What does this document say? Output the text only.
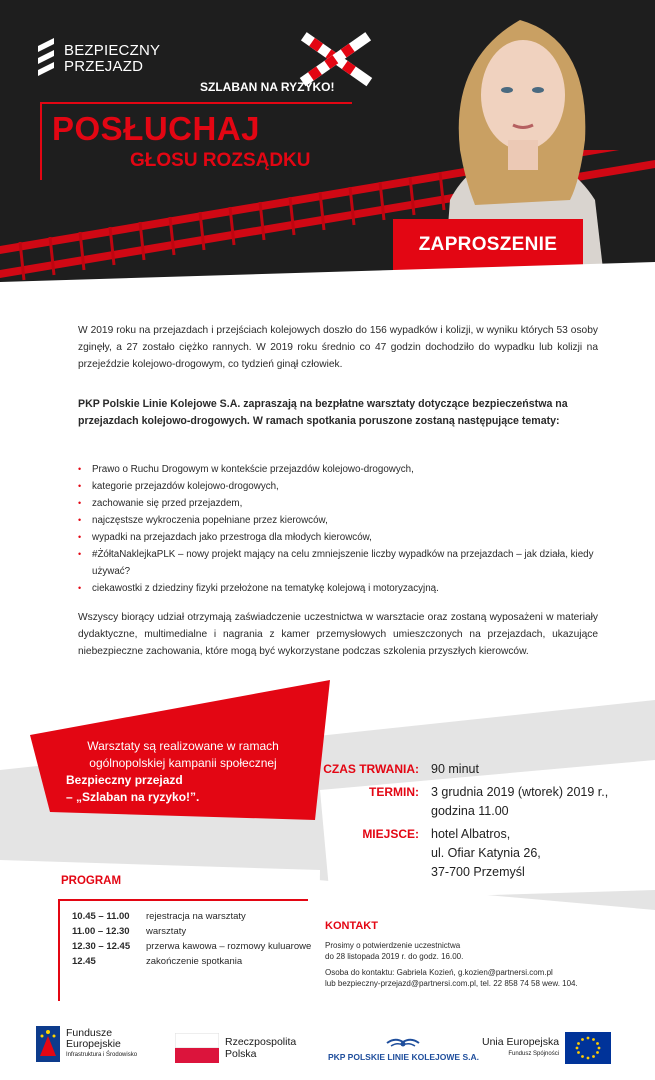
BEZPIECZNY
PRZEJAZD
SZLABAN NA RYZYKO!
POSŁUCHAJ
GŁOSU ROZSĄDKU
ZAPROSZENIE

W 2019 roku na przejazdach i przejściach kolejowych doszło do 156 wypadków i kolizji, w wyniku których 53 osoby zginęły, a 27 zostało ciężko rannych. W 2019 roku średnio co 47 godzin dochodziło do wypadku lub kolizji na przejeździe kolejowo-drogowym, co tydzień ginął człowiek.

PKP Polskie Linie Kolejowe S.A. zapraszają na bezpłatne warsztaty dotyczące bezpieczeństwa na przejazdach kolejowo-drogowych. W ramach spotkania poruszone zostaną następujące tematy:

• Prawo o Ruchu Drogowym w kontekście przejazdów kolejowo-drogowych,
• kategorie przejazdów kolejowo-drogowych,
• zachowanie się przed przejazdem,
• najczęstsze wykroczenia popełniane przez kierowców,
• wypadki na przejazdach jako przestroga dla młodych kierowców,
• #ŻółtaNaklejkaPLK – nowy projekt mający na celu zmniejszenie liczby wypadków na przejazdach – jak działa, kiedy używać?
• ciekawostki z dziedziny fizyki przełożone na tematykę kolejową i motoryzacyjną.

Wszyscy biorący udział otrzymają zaświadczenie uczestnictwa w warsztacie oraz zostaną wyposażeni w materiały dydaktyczne, multimedialne i nagrania z kamer przemysłowych umieszczonych na przejazdach, ukazujące niebezpieczne zachowania, które mogą być wykorzystane podczas szkolenia przyszłych kierowców.

Warsztaty są realizowane w ramach
ogólnopolskiej kampanii społecznej
Bezpieczny przejazd
– „Szlaban na ryzyko!”.
CZAS TRWANIA: 90 minut
TERMIN: 3 grudnia 2019 (wtorek) 2019 r.,
godzina 11.00
MIEJSCE: hotel Albatros,
ul. Ofiar Katynia 26,
37-700 Przemyśl
PROGRAM
10.45 – 11.00	rejestracja na warsztaty
11.00 – 12.30	warsztaty
12.30 – 12.45	przerwa kawowa – rozmowy kuluarowe
12.45	zakończenie spotkania
KONTAKT
Prosimy o potwierdzenie uczestnictwa
do 28 listopada 2019 r. do godz. 16.00.
Osoba do kontaktu: Gabriela Kozień, g.kozien@partnersi.com.pl
lub bezpieczny-przejazd@partnersi.com.pl, tel. 22 858 74 58 wew. 104.
Fundusze
Europejskie
Infrastruktura i Środowisko
Rzeczpospolita
Polska	PKP POLSKIE LINIE KOLEJOWE S.A.
Unia Europejska
Fundusz Spójności
